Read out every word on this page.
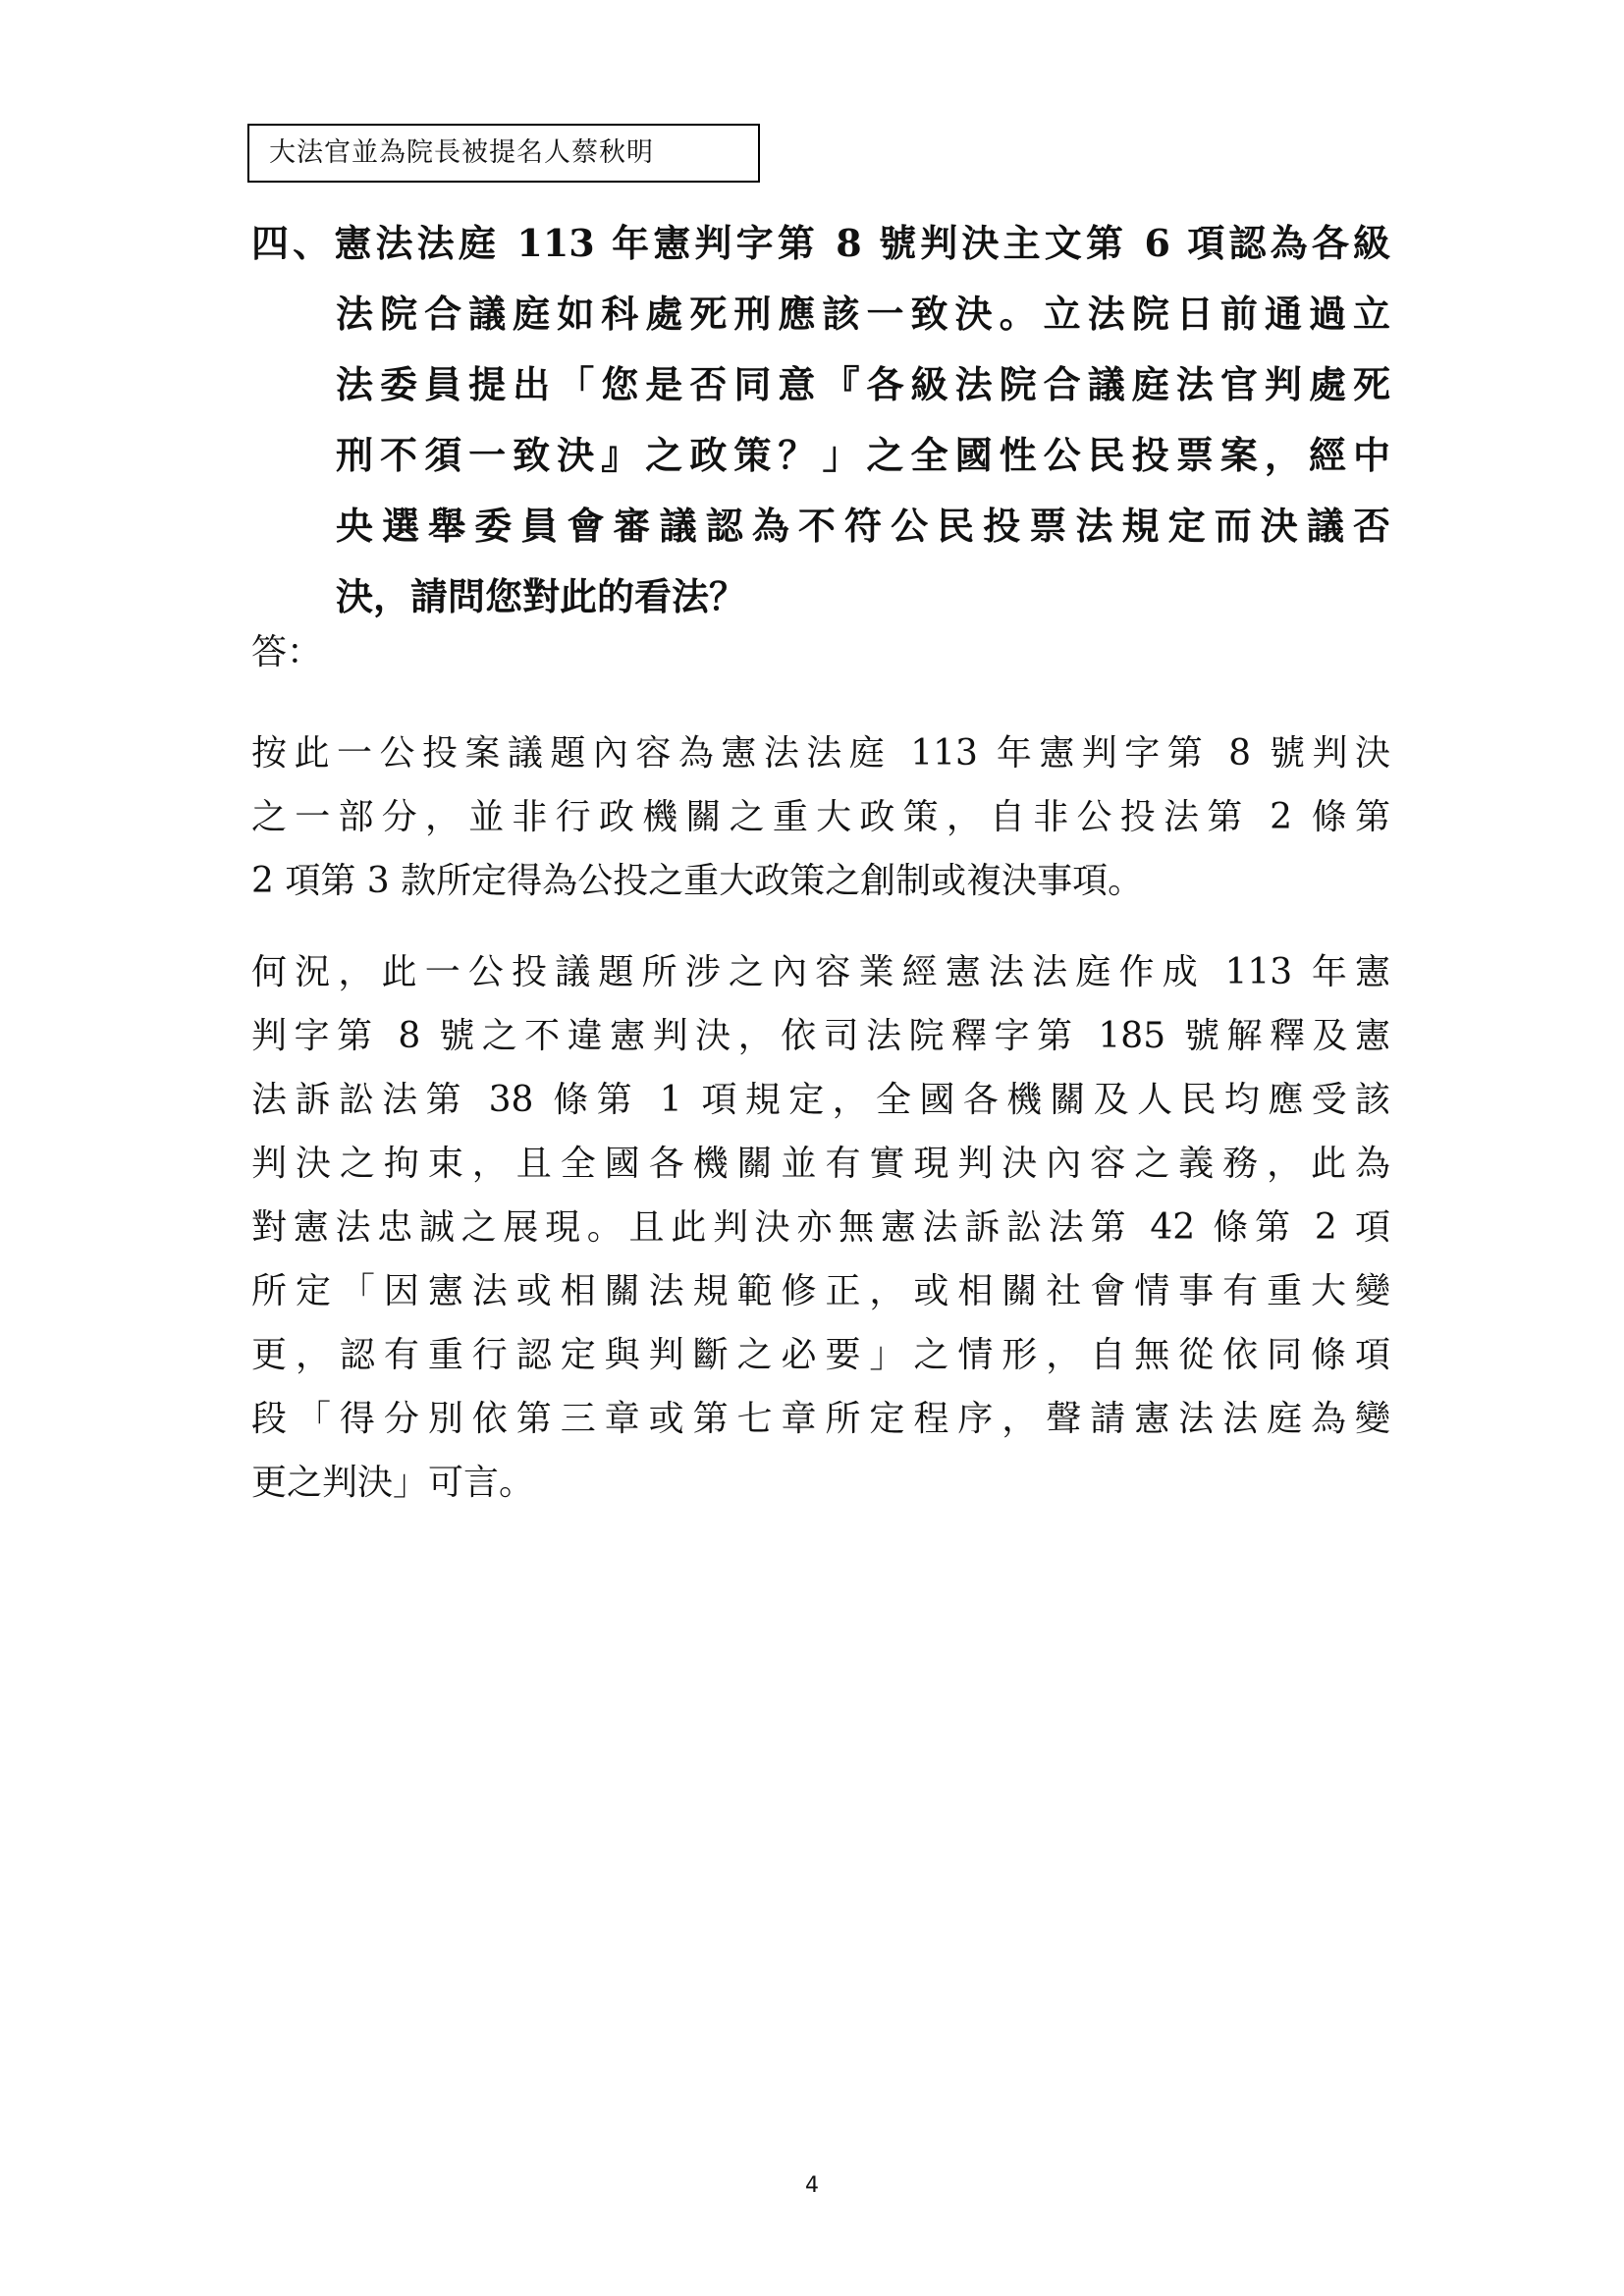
大法官並為院長被提名人蔡秋明
四、憲法法庭 113 年憲判字第 8 號判決主文第 6 項認為各級
法院合議庭如科處死刑應該一致決。立法院日前通過立
法委員提出「您是否同意『各級法院合議庭法官判處死
刑不須一致決』之政策？」之全國性公民投票案，經中
央選舉委員會審議認為不符公民投票法規定而決議否
決，請問您對此的看法？
答：
按此一公投案議題內容為憲法法庭 113 年憲判字第 8 號判決
之一部分，並非行政機關之重大政策，自非公投法第 2 條第
2 項第 3 款所定得為公投之重大政策之創制或複決事項。
何況，此一公投議題所涉之內容業經憲法法庭作成 113 年憲
判字第 8 號之不違憲判決，依司法院釋字第 185 號解釋及憲
法訴訟法第 38 條第 1 項規定，全國各機關及人民均應受該
判決之拘束，且全國各機關並有實現判決內容之義務，此為
對憲法忠誠之展現。且此判決亦無憲法訴訟法第 42 條第 2 項
所定「因憲法或相關法規範修正，或相關社會情事有重大變
更，認有重行認定與判斷之必要」之情形，自無從依同條項
段「得分別依第三章或第七章所定程序，聲請憲法法庭為變
更之判決」可言。
4
